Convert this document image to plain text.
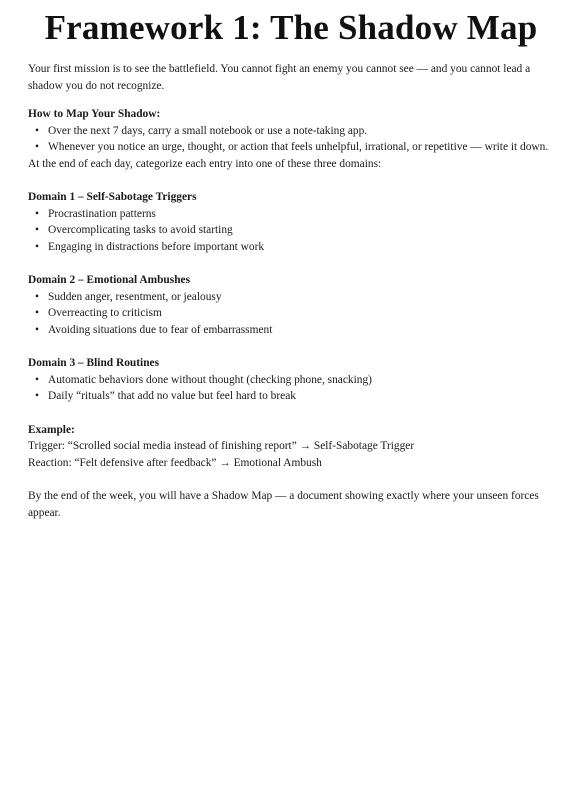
Framework 1: The Shadow Map

Your first mission is to see the battlefield. You cannot fight an enemy you cannot see — and you cannot lead a shadow you do not recognize.

How to Map Your Shadow:

• Over the next 7 days, carry a small notebook or use a note-taking app.
• Whenever you notice an urge, thought, or action that feels unhelpful, irrational, or repetitive — write it down.

At the end of each day, categorize each entry into one of these three domains:

Domain 1 – Self-Sabotage Triggers

• Procrastination patterns
• Overcomplicating tasks to avoid starting
• Engaging in distractions before important work

Domain 2 – Emotional Ambushes

• Sudden anger, resentment, or jealousy
• Overreacting to criticism
• Avoiding situations due to fear of embarrassment

Domain 3 – Blind Routines

• Automatic behaviors done without thought (checking phone, snacking)
• Daily “rituals” that add no value but feel hard to break

Example:

Trigger: “Scrolled social media instead of finishing report” → Self-Sabotage Trigger

Reaction: “Felt defensive after feedback” → Emotional Ambush

By the end of the week, you will have a Shadow Map — a document showing exactly where your unseen forces appear.
